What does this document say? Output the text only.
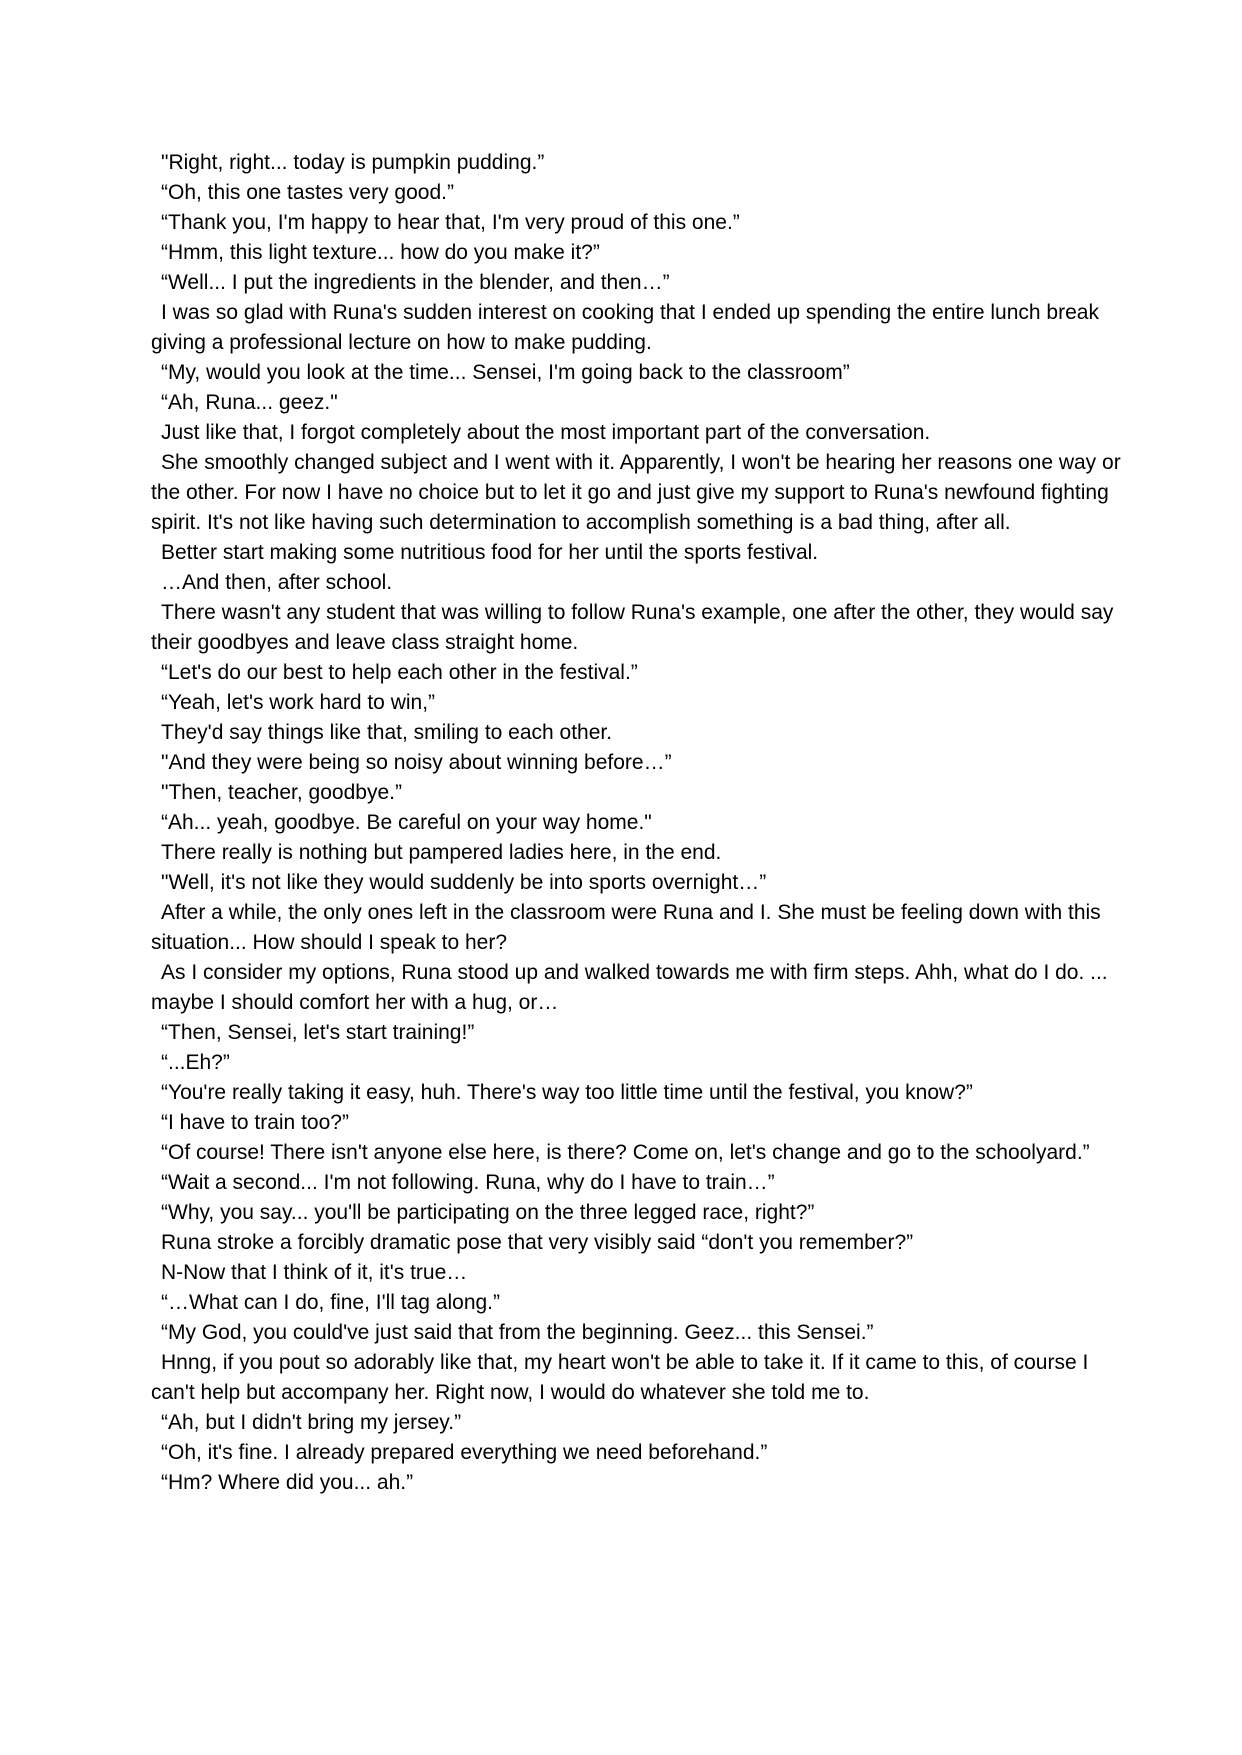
"Right, right... today is pumpkin pudding.”

“Oh, this one tastes very good.”

“Thank you, I'm happy to hear that, I'm very proud of this one.”

“Hmm, this light texture... how do you make it?”

“Well... I put the ingredients in the blender, and then…”

I was so glad with Runa's sudden interest on cooking that I ended up spending the entire lunch break giving a professional lecture on how to make pudding.

“My, would you look at the time... Sensei, I'm going back to the classroom”

“Ah, Runa... geez."

Just like that, I forgot completely about the most important part of the conversation.

She smoothly changed subject and I went with it. Apparently, I won't be hearing her reasons one way or the other. For now I have no choice but to let it go and just give my support to Runa's newfound fighting spirit. It's not like having such determination to accomplish something is a bad thing, after all.

Better start making some nutritious food for her until the sports festival.

…And then, after school.

There wasn't any student that was willing to follow Runa's example, one after the other, they would say their goodbyes and leave class straight home.

“Let's do our best to help each other in the festival.”

“Yeah, let's work hard to win,”

They'd say things like that, smiling to each other.

"And they were being so noisy about winning before…”

"Then, teacher, goodbye.”

“Ah... yeah, goodbye. Be careful on your way home."

There really is nothing but pampered ladies here, in the end.

"Well, it's not like they would suddenly be into sports overnight…”

After a while, the only ones left in the classroom were Runa and I. She must be feeling down with this situation... How should I speak to her?

As I consider my options, Runa stood up and walked towards me with firm steps. Ahh, what do I do. ... maybe I should comfort her with a hug, or…

“Then, Sensei, let's start training!”

“...Eh?”

“You're really taking it easy, huh. There's way too little time until the festival, you know?”

“I have to train too?”

“Of course! There isn't anyone else here, is there? Come on, let's change and go to the schoolyard.”

“Wait a second... I'm not following. Runa, why do I have to train…”

“Why, you say... you'll be participating on the three legged race, right?”

Runa stroke a forcibly dramatic pose that very visibly said “don't you remember?”

N-Now that I think of it, it's true…

“…What can I do, fine, I'll tag along.”

“My God, you could've just said that from the beginning. Geez... this Sensei.”

Hnng, if you pout so adorably like that, my heart won't be able to take it. If it came to this, of course I can't help but accompany her. Right now, I would do whatever she told me to.

“Ah, but I didn't bring my jersey.”

“Oh, it's fine. I already prepared everything we need beforehand.”

“Hm? Where did you... ah.”
